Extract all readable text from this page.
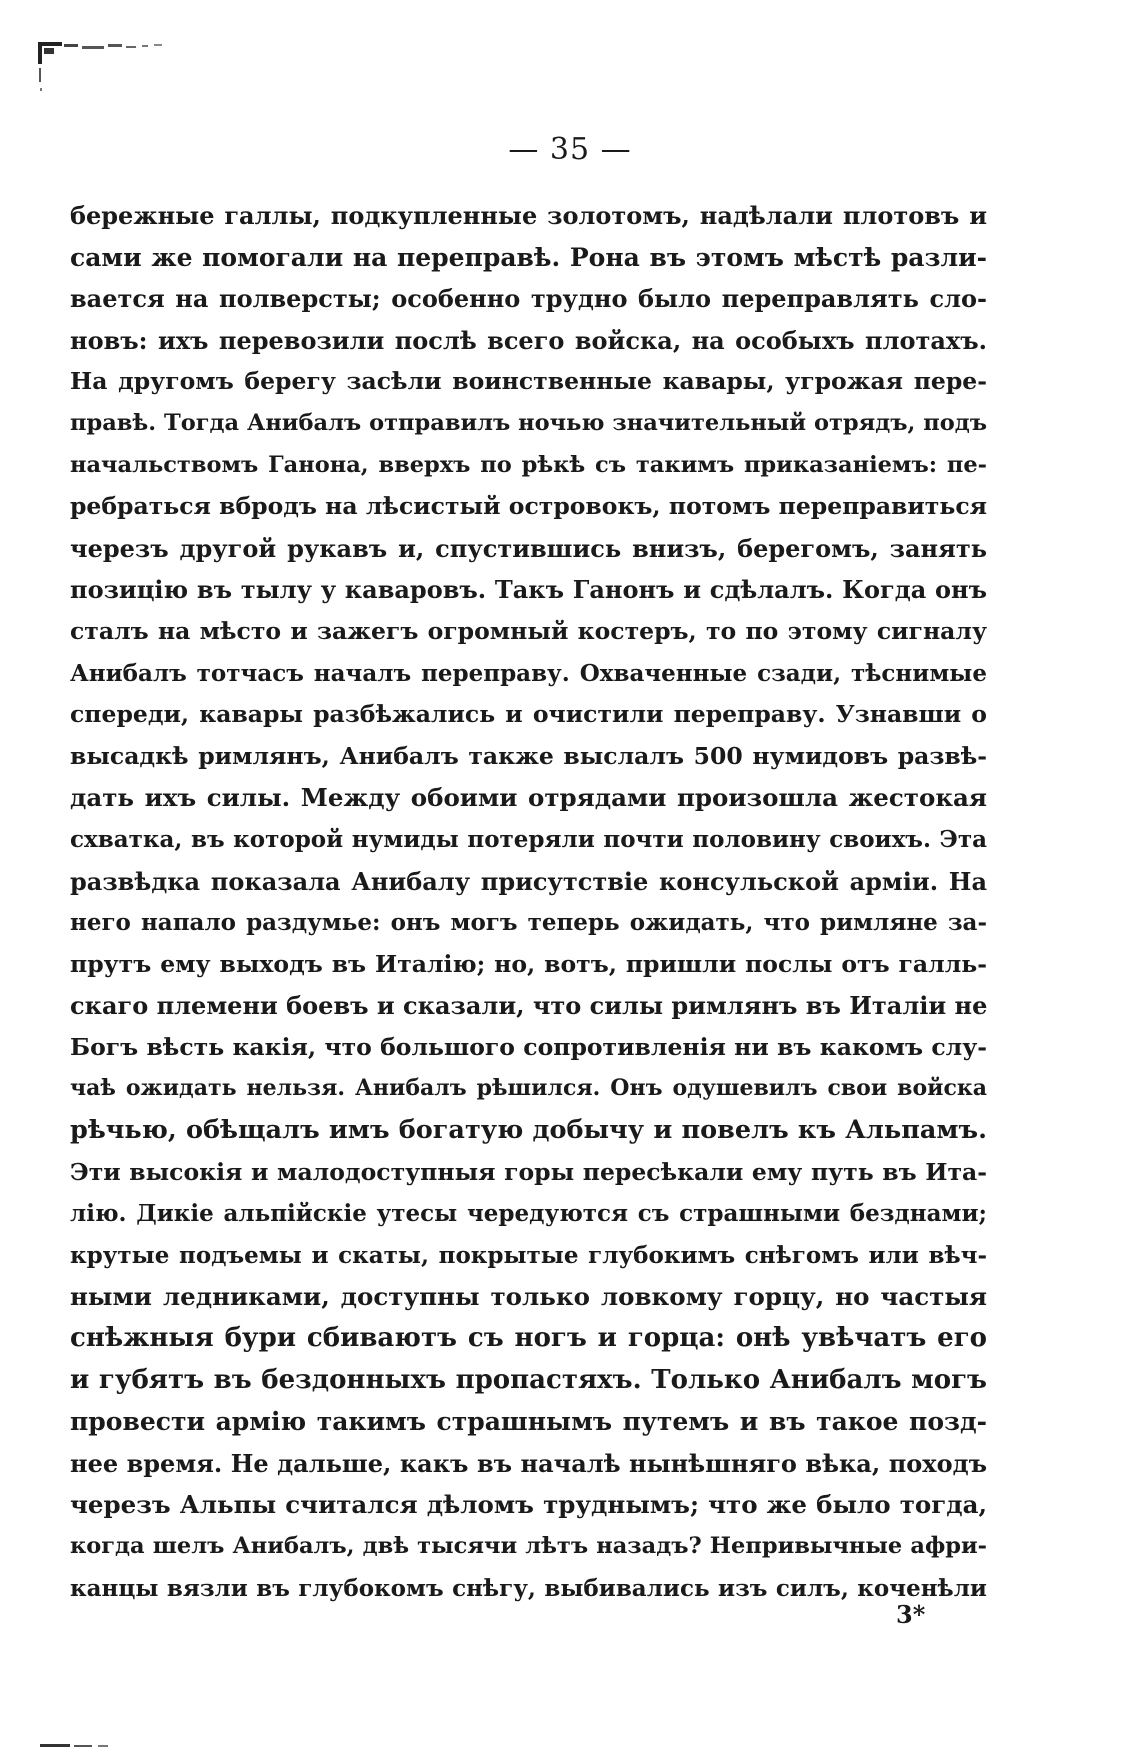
— 35 —
бережные галлы, подкупленные золотомъ, надѣлали плотовъ и
сами же помогали на переправѣ. Рона въ этомъ мѣстѣ разли-
вается на полверсты; особенно трудно было переправлять сло-
новъ: ихъ перевозили послѣ всего войска, на особыхъ плотахъ.
На другомъ берегу засѣли воинственные кавары, угрожая пере-
правѣ. Тогда Анибалъ отправилъ ночью значительный отрядъ, подъ
начальствомъ Ганона, вверхъ по рѣкѣ съ такимъ приказаніемъ: пе-
ребраться вбродъ на лѣсистый островокъ, потомъ переправиться
черезъ другой рукавъ и, спустившись внизъ, берегомъ, занять
позицію въ тылу у каваровъ. Такъ Ганонъ и сдѣлалъ. Когда онъ
сталъ на мѣсто и зажегъ огромный костеръ, то по этому сигналу
Анибалъ тотчасъ началъ переправу. Охваченные сзади, тѣснимые
спереди, кавары разбѣжались и очистили переправу. Узнавши о
высадкѣ римлянъ, Анибалъ также выслалъ 500 нумидовъ развѣ-
дать ихъ силы. Между обоими отрядами произошла жестокая
схватка, въ которой нумиды потеряли почти половину своихъ. Эта
развѣдка показала Анибалу присутствіе консульской арміи. На
него напало раздумье: онъ могъ теперь ожидать, что римляне за-
прутъ ему выходъ въ Италію; но, вотъ, пришли послы отъ галль-
скаго племени боевъ и сказали, что силы римлянъ въ Италіи не
Богъ вѣсть какія, что большого сопротивленія ни въ какомъ слу-
чаѣ ожидать нельзя. Анибалъ рѣшился. Онъ одушевилъ свои войска
рѣчью, обѣщалъ имъ богатую добычу и повелъ къ Альпамъ.
Эти высокія и малодоступныя горы пересѣкали ему путь въ Ита-
лію. Дикіе альпійскіе утесы чередуются съ страшными безднами;
крутые подъемы и скаты, покрытые глубокимъ снѣгомъ или вѣч-
ными ледниками, доступны только ловкому горцу, но частыя
снѣжныя бури сбиваютъ съ ногъ и горца: онѣ увѣчатъ его
и губятъ въ бездонныхъ пропастяхъ. Только Анибалъ могъ
провести армію такимъ страшнымъ путемъ и въ такое позд-
нее время. Не дальше, какъ въ началѣ нынѣшняго вѣка, походъ
черезъ Альпы считался дѣломъ труднымъ; что же было тогда,
когда шелъ Анибалъ, двѣ тысячи лѣтъ назадъ? Непривычные афри-
канцы вязли въ глубокомъ снѣгу, выбивались изъ силъ, коченѣли
3*
